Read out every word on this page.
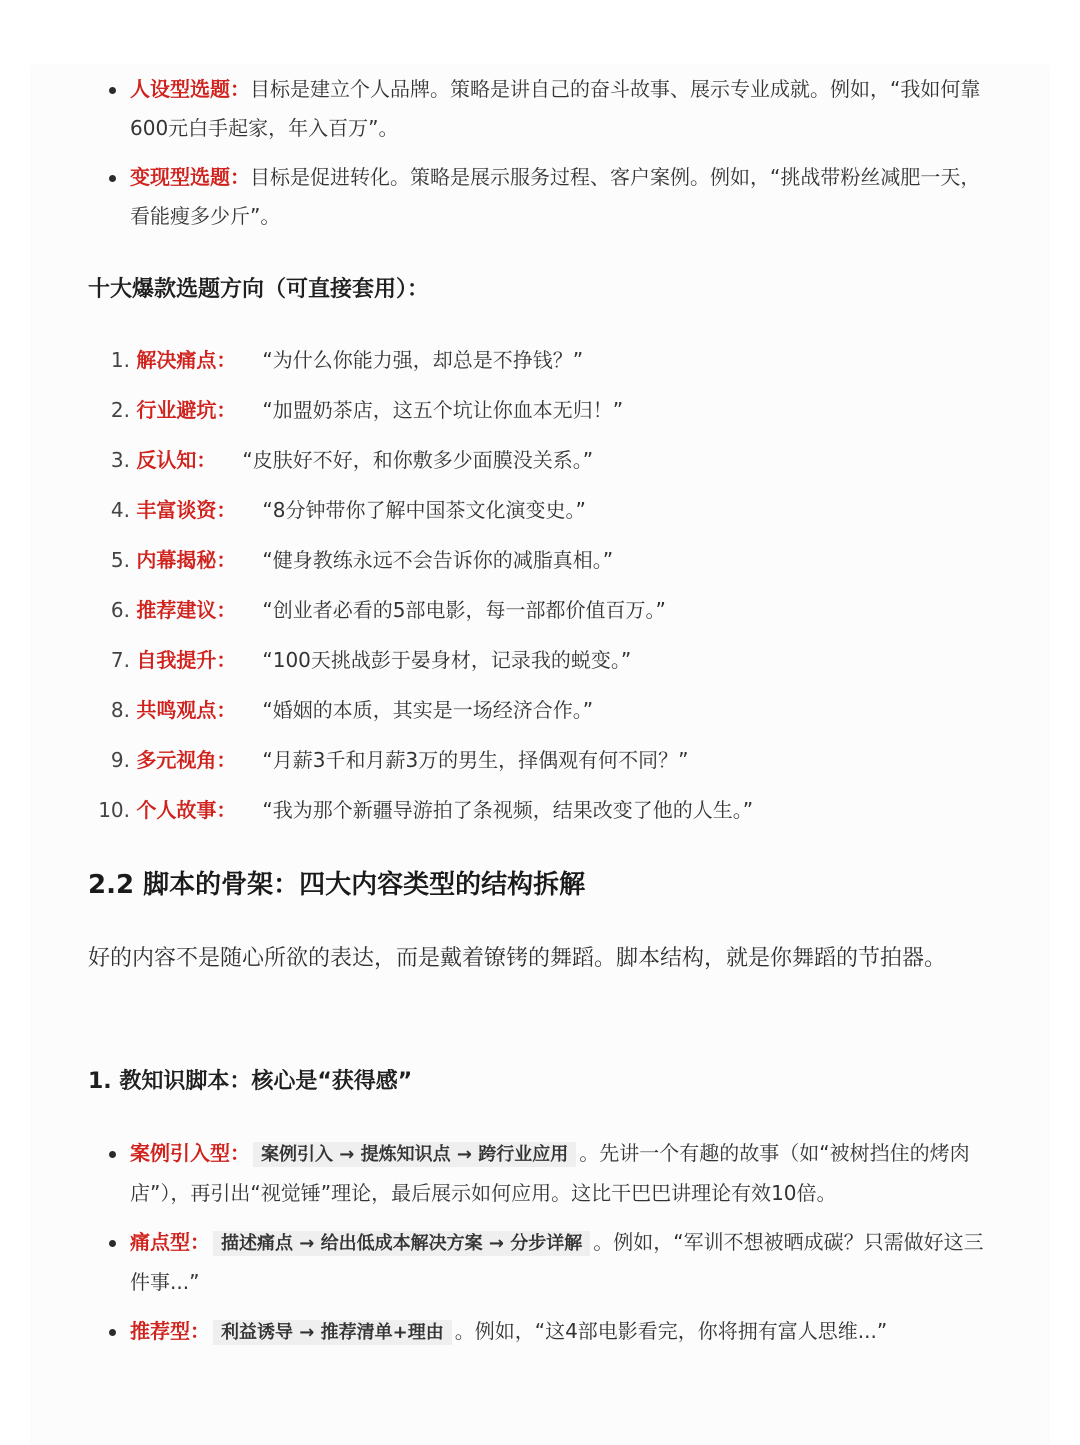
人设型选题：目标是建立个人品牌。策略是讲自己的奋斗故事、展示专业成就。例如，“我如何靠600元白手起家，年入百万”。
变现型选题：目标是促进转化。策略是展示服务过程、客户案例。例如，“挑战带粉丝减肥一天，看能瘦多少斤”。
十大爆款选题方向（可直接套用）：
1. 解决痛点： “为什么你能力强，却总是不挣钱？”
2. 行业避坑： “加盟奶茶店，这五个坑让你血本无归！”
3. 反认知： “皮肤好不好，和你敷多少面膜没关系。”
4. 丰富谈资： “8分钟带你了解中国茶文化演变史。”
5. 内幕揭秘： “健身教练永远不会告诉你的减脂真相。”
6. 推荐建议： “创业者必看的5部电影，每一部都价值百万。”
7. 自我提升： “100天挑战彭于晏身材，记录我的蜕变。”
8. 共鸣观点： “婚姻的本质，其实是一场经济合作。”
9. 多元视角： “月薪3千和月薪3万的男生，择偶观有何不同？”
10. 个人故事： “我为那个新疆导游拍了条视频，结果改变了他的人生。”
2.2 脚本的骨架：四大内容类型的结构拆解

好的内容不是随心所欲的表达，而是戴着镣铐的舞蹈。脚本结构，就是你舞蹈的节拍器。

1. 教知识脚本：核心是“获得感”
案例引入型： 案例引入 → 提炼知识点 → 跨行业应用 。先讲一个有趣的故事（如“被树挡住的烤肉店”），再引出“视觉锤”理论，最后展示如何应用。这比干巴巴讲理论有效10倍。
痛点型： 描述痛点 → 给出低成本解决方案 → 分步详解 。例如，“军训不想被晒成碳？只需做好这三件事...”
推荐型： 利益诱导 → 推荐清单+理由 。例如，“这4部电影看完，你将拥有富人思维...”
